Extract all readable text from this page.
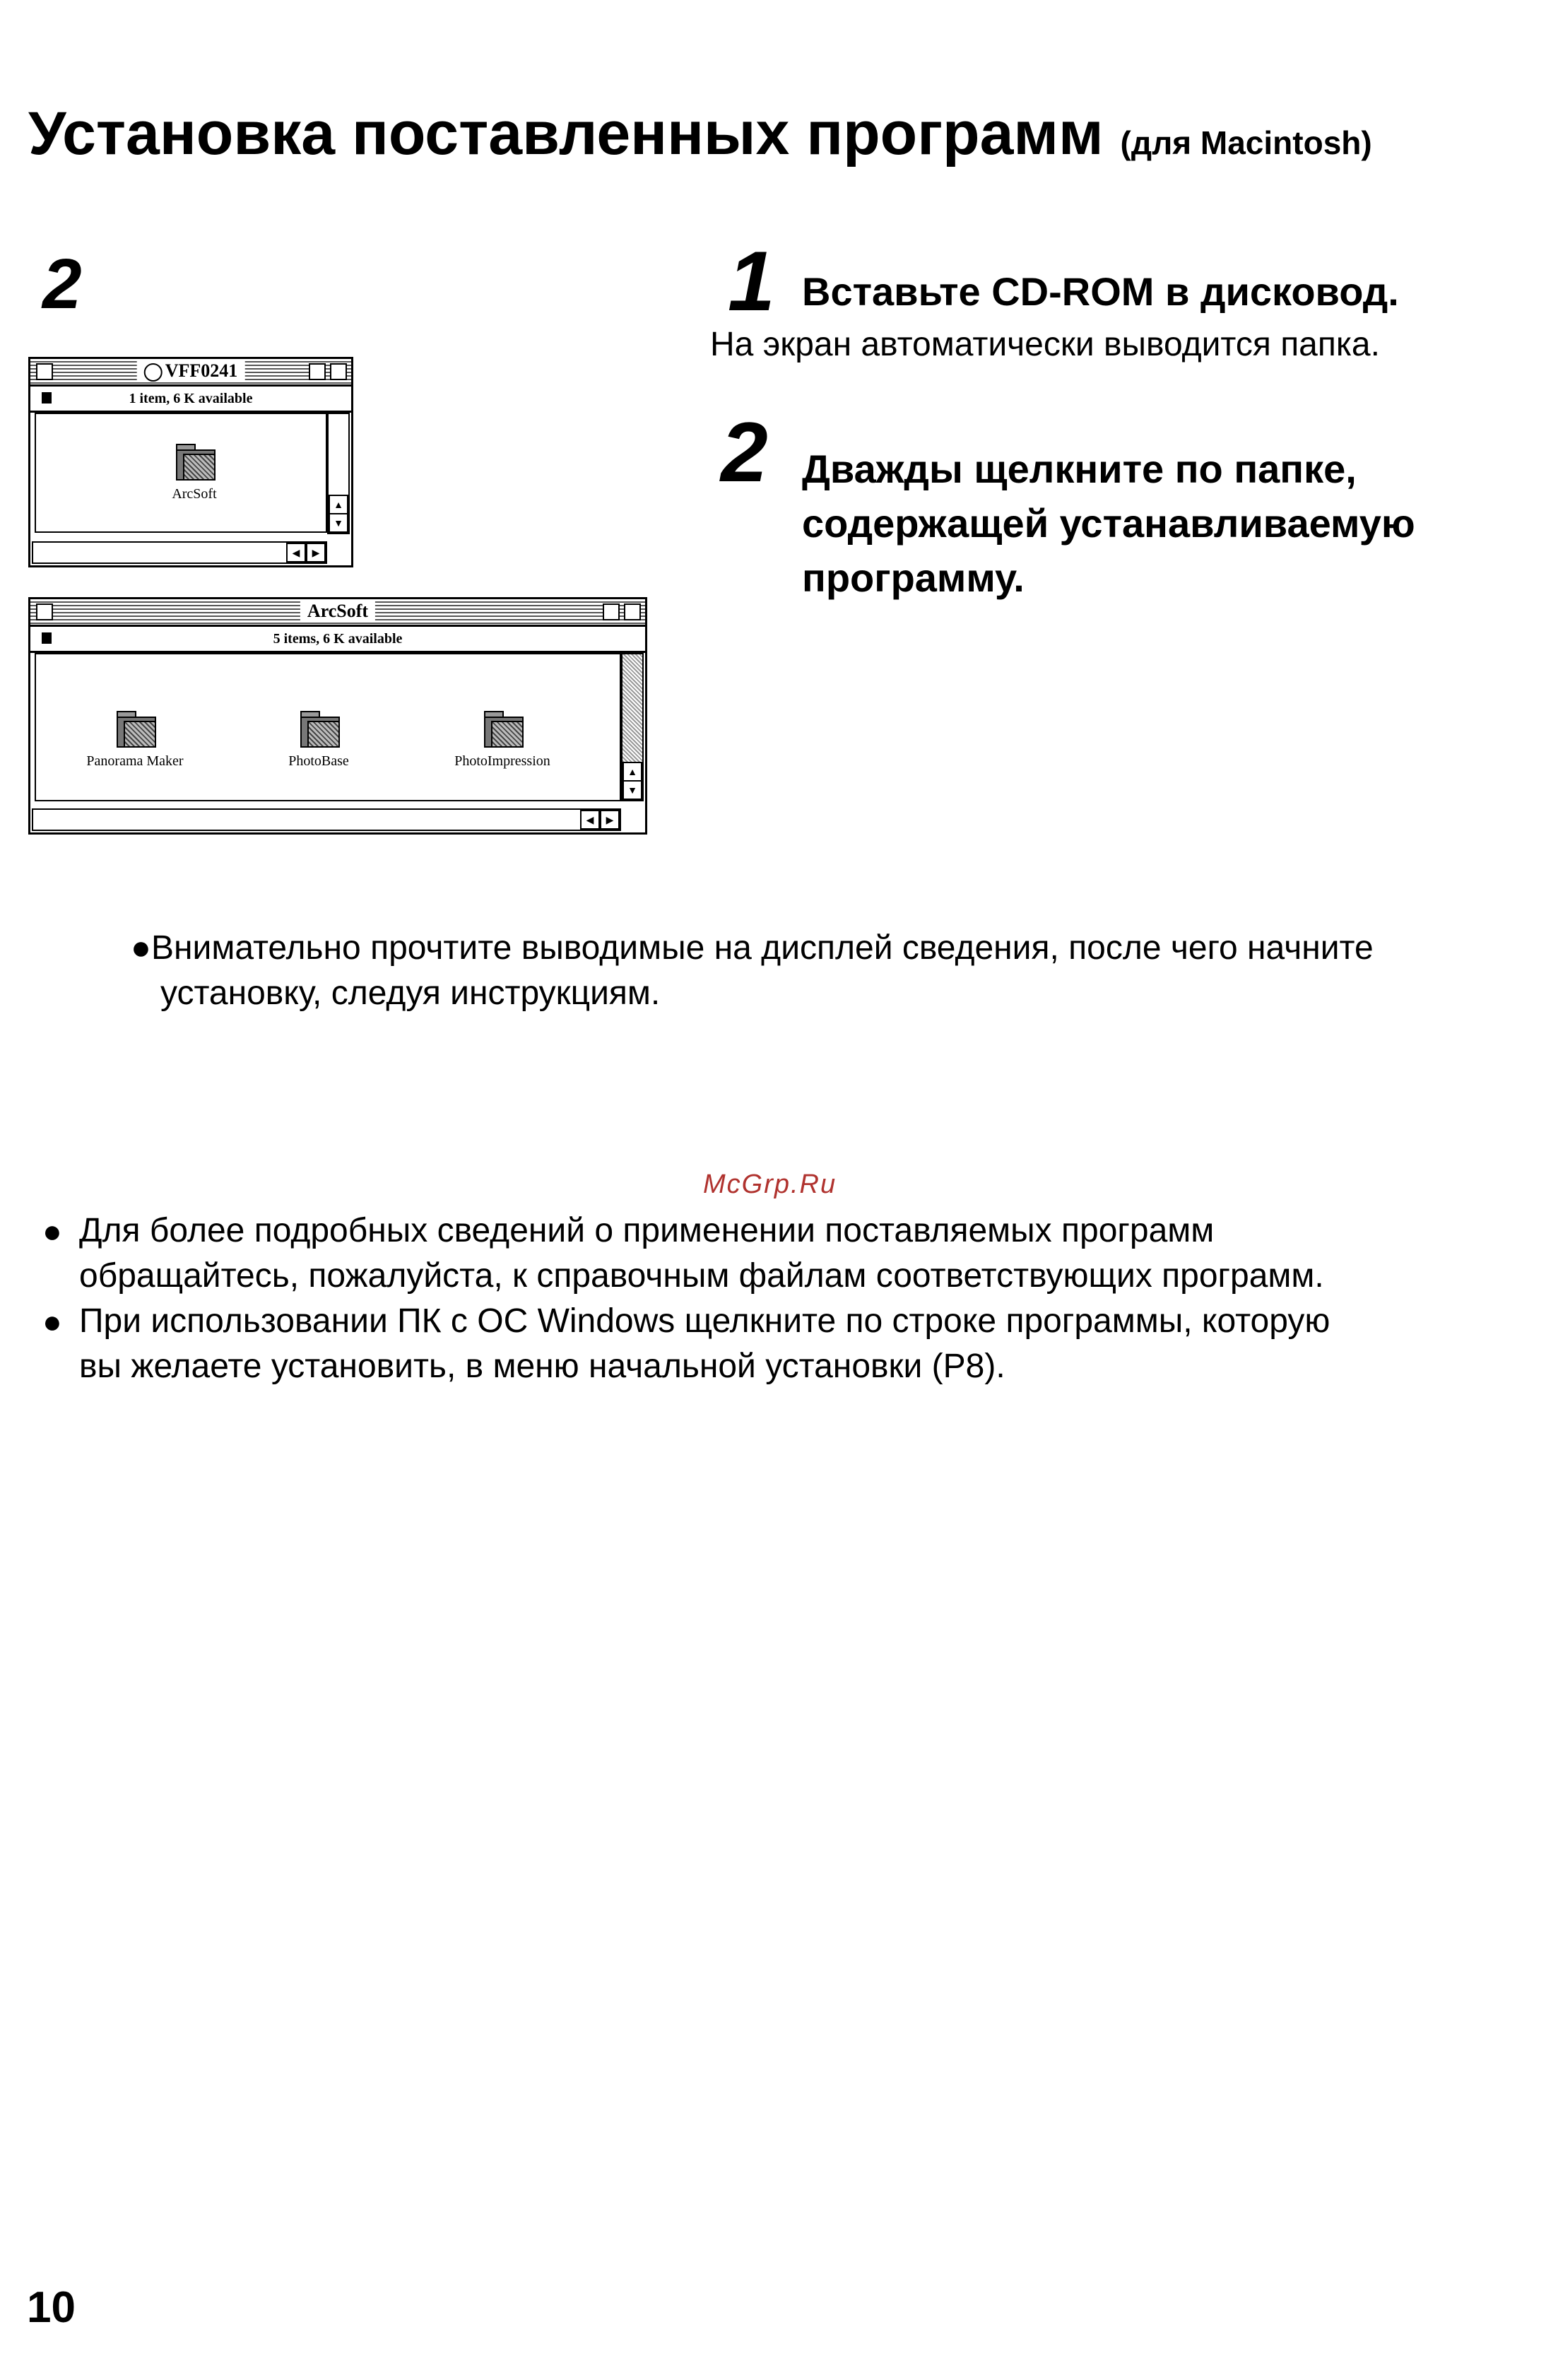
Установка поставленных программ (для Macintosh)
2
VFF0241
1 item, 6 K available
ArcSoft
▲
▼
◀	▶
ArcSoft
5 items, 6 K available
Panorama Maker	PhotoBase	PhotoImpression
▲
▼
◀	▶
1 Вставьте CD-ROM в дисковод.
На экран автоматически выводится папка.
2 Дважды щелкните по папке,
содержащей устанавливаемую
программу.
●Внимательно прочтите выводимые на дисплей сведения, после чего начните
установку, следуя инструкциям.
McGrp.Ru
● Для более подробных сведений о применении поставляемых программ
обращайтесь, пожалуйста, к справочным файлам соответствующих программ.
● При использовании ПК с ОС Windows щелкните по строке программы, которую
вы желаете установить, в меню начальной установки (P8).
10
